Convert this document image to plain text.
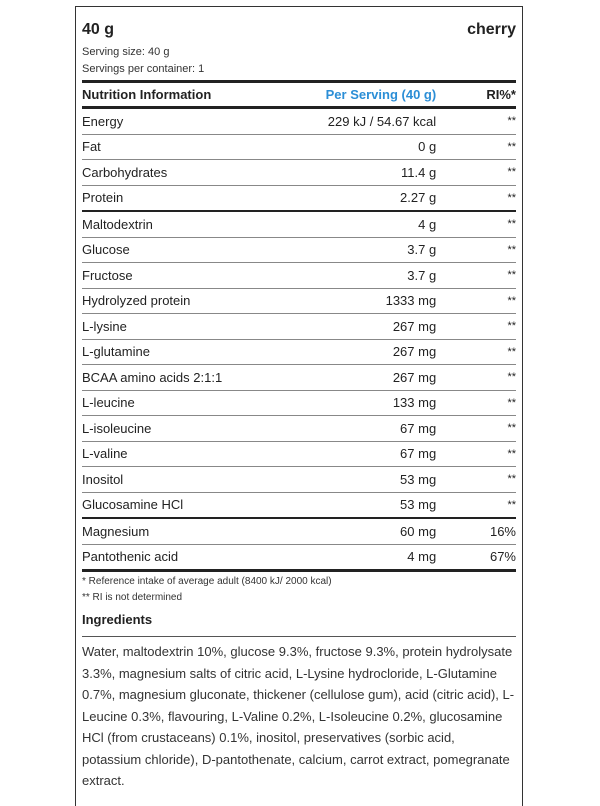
40 g	cherry
Serving size: 40 g
Servings per container: 1
Nutrition Information	Per Serving (40 g)	RI%*
Energy	229 kJ / 54.67 kcal	**
Fat	0 g	**
Carbohydrates	11.4 g	**
Protein	2.27 g	**
Maltodextrin	4 g	**
Glucose	3.7 g	**
Fructose	3.7 g	**
Hydrolyzed protein	1333 mg	**
L-lysine	267 mg	**
L-glutamine	267 mg	**
BCAA amino acids 2:1:1	267 mg	**
L-leucine	133 mg	**
L-isoleucine	67 mg	**
L-valine	67 mg	**
Inositol	53 mg	**
Glucosamine HCl	53 mg	**
Magnesium	60 mg	16%
Pantothenic acid	4 mg	67%
* Reference intake of average adult (8400 kJ/ 2000 kcal)
** RI is not determined
Ingredients
Water, maltodextrin 10%, glucose 9.3%, fructose 9.3%, protein hydrolysate 3.3%, magnesium salts of citric acid, L-Lysine hydrocloride, L-Glutamine 0.7%, magnesium gluconate, thickener (cellulose gum), acid (citric acid), L-Leucine 0.3%, flavouring, L-Valine 0.2%, L-Isoleucine 0.2%, glucosamine HCl (from crustaceans) 0.1%, inositol, preservatives (sorbic acid, potassium chloride), D-pantothenate, calcium, carrot extract, pomegranate extract.
